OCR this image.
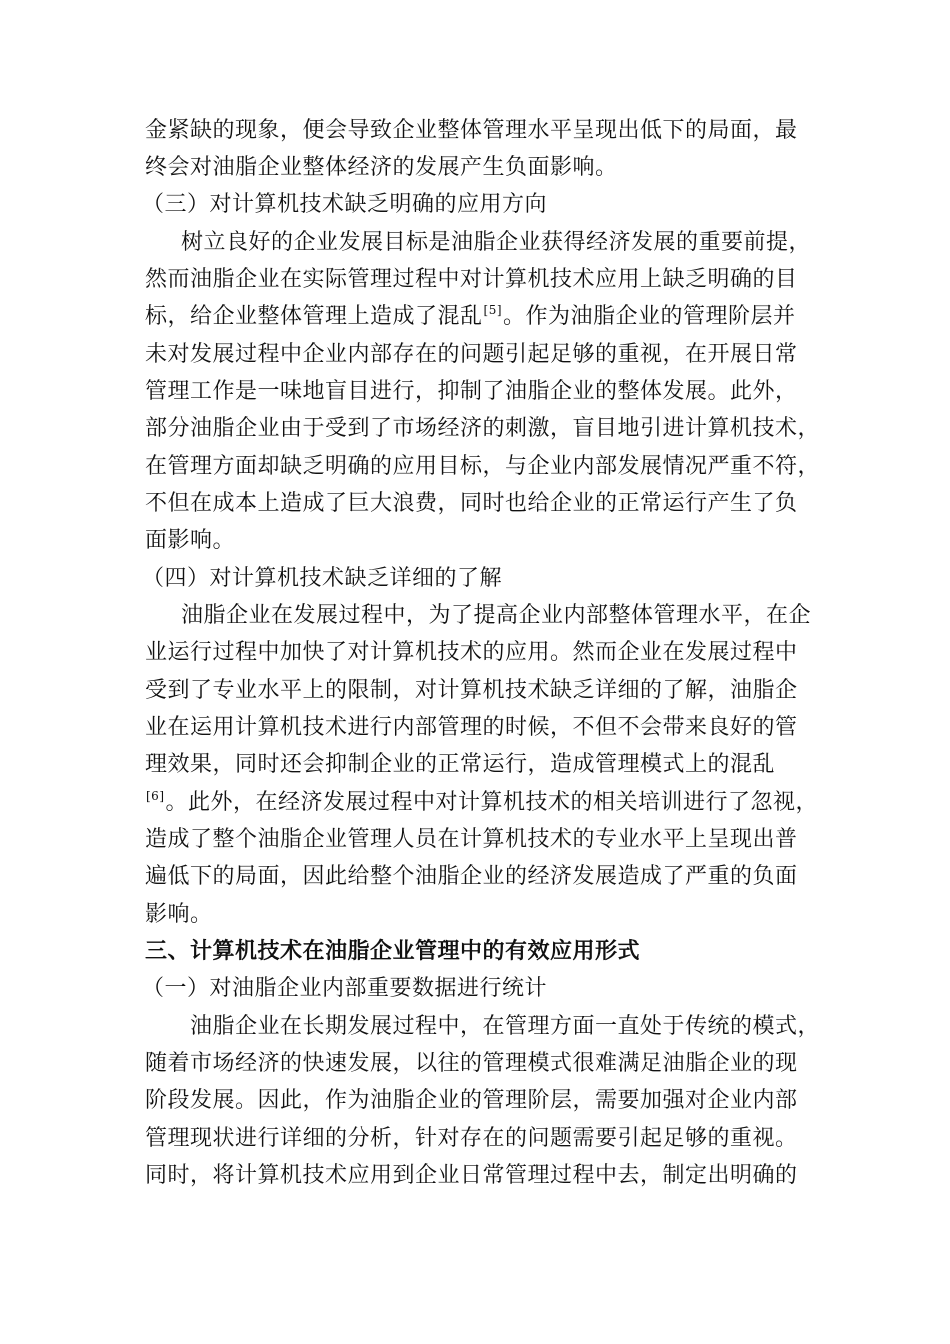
金紧缺的现象，便会导致企业整体管理水平呈现出低下的局面，最
终会对油脂企业整体经济的发展产生负面影响。
（三）对计算机技术缺乏明确的应用方向
树立良好的企业发展目标是油脂企业获得经济发展的重要前提，
然而油脂企业在实际管理过程中对计算机技术应用上缺乏明确的目
标，给企业整体管理上造成了混乱[5]。作为油脂企业的管理阶层并
未对发展过程中企业内部存在的问题引起足够的重视，在开展日常
管理工作是一味地盲目进行，抑制了油脂企业的整体发展。此外，
部分油脂企业由于受到了市场经济的刺激，盲目地引进计算机技术，
在管理方面却缺乏明确的应用目标，与企业内部发展情况严重不符，
不但在成本上造成了巨大浪费，同时也给企业的正常运行产生了负
面影响。
（四）对计算机技术缺乏详细的了解
油脂企业在发展过程中，为了提高企业内部整体管理水平，在企
业运行过程中加快了对计算机技术的应用。然而企业在发展过程中
受到了专业水平上的限制，对计算机技术缺乏详细的了解，油脂企
业在运用计算机技术进行内部管理的时候，不但不会带来良好的管
理效果，同时还会抑制企业的正常运行，造成管理模式上的混乱
[6]。此外，在经济发展过程中对计算机技术的相关培训进行了忽视，
造成了整个油脂企业管理人员在计算机技术的专业水平上呈现出普
遍低下的局面，因此给整个油脂企业的经济发展造成了严重的负面
影响。
三、计算机技术在油脂企业管理中的有效应用形式
（一）对油脂企业内部重要数据进行统计
油脂企业在长期发展过程中，在管理方面一直处于传统的模式，
随着市场经济的快速发展，以往的管理模式很难满足油脂企业的现
阶段发展。因此，作为油脂企业的管理阶层，需要加强对企业内部
管理现状进行详细的分析，针对存在的问题需要引起足够的重视。
同时，将计算机技术应用到企业日常管理过程中去，制定出明确的
